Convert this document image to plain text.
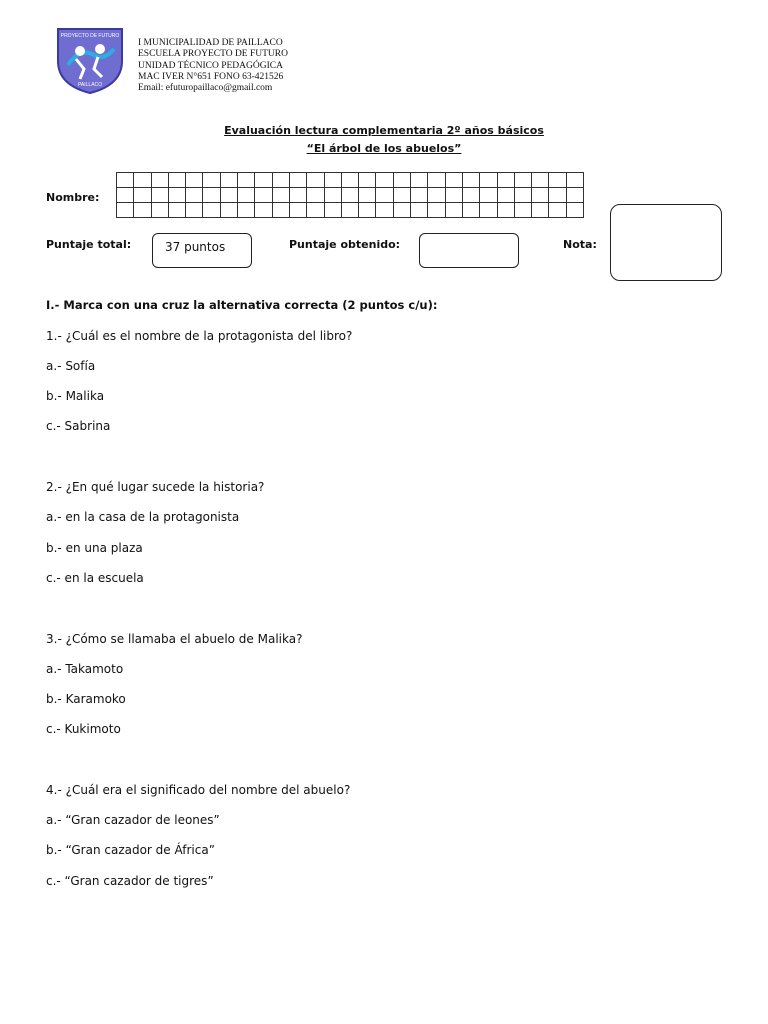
PROYECTO DE FUTURO
PAILLACO
I MUNICIPALIDAD DE PAILLACO
ESCUELA PROYECTO DE FUTURO
UNIDAD TÉCNICO PEDAGÓGICA
MAC IVER N°651 FONO 63-421526
Email: efuturopaillaco@gmail.com
Evaluación lectura complementaria 2º años básicos
“El árbol de los abuelos”
Nombre:

Puntaje total:	37 puntos	Puntaje obtenido:	Nota:
I.- Marca con una cruz la alternativa correcta (2 puntos c/u):
1.- ¿Cuál es el nombre de la protagonista del libro?
a.- Sofía
b.- Malika
c.- Sabrina
2.- ¿En qué lugar sucede la historia?
a.- en la casa de la protagonista
b.- en una plaza
c.- en la escuela
3.- ¿Cómo se llamaba el abuelo de Malika?
a.- Takamoto
b.- Karamoko
c.- Kukimoto
4.- ¿Cuál era el significado del nombre del abuelo?
a.- “Gran cazador de leones”
b.- “Gran cazador de África”
c.- “Gran cazador de tigres”
